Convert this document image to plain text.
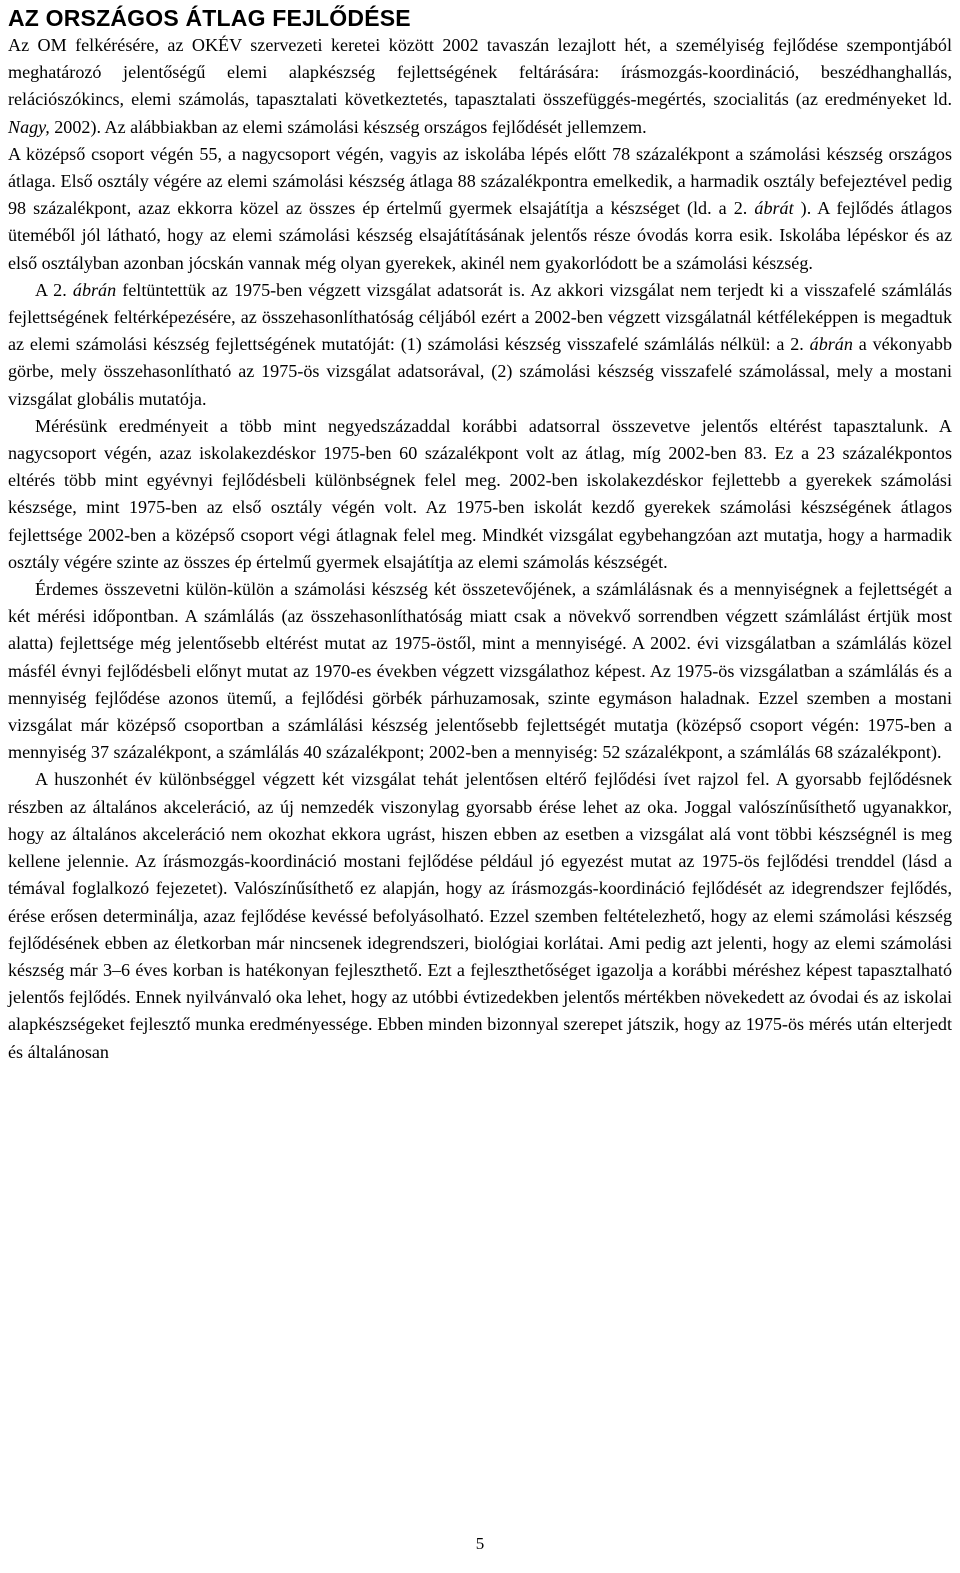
AZ ORSZÁGOS ÁTLAG FEJLŐDÉSE

Az OM felkérésére, az OKÉV szervezeti keretei között 2002 tavaszán lezajlott hét, a személyiség fejlődése szempontjából meghatározó jelentőségű elemi alapkészség fejlettségének feltárására: írásmozgás-koordináció, beszédhanghallás, relációszókincs, elemi számolás, tapasztalati következtetés, tapasztalati összefüggés-megértés, szocialitás (az eredményeket ld.Nagy, 2002). Az alábbiakban az elemi számolási készség országos fejlődését jellemzem.

A középső csoport végén 55, a nagycsoport végén, vagyis az iskolába lépés előtt 78 százalékpont a számolási készség országos átlaga. Első osztály végére az elemi számolási készség átlaga 88 százalékpontra emelkedik, a harmadik osztály befejeztével pedig 98 százalékpont, azaz ekkorra közel az összes ép értelmű gyermek elsajátítja a készséget (ld. a 2. ábrát ). A fejlődés átlagos üteméből jól látható, hogy az elemi számolási készség elsajátításának jelentős része óvodás korra esik. Iskolába lépéskor és az első osztályban azonban jócskán vannak még olyan gyerekek, akinél nem gyakorlódott be a számolási készség.

A 2. ábrán feltüntettük az 1975-ben végzett vizsgálat adatsorát is. Az akkori vizsgálat nem terjedt ki a visszafelé számlálás fejlettségének feltérképezésére, az összehasonlíthatóság céljából ezért a 2002-ben végzett vizsgálatnál kétféleképpen is megadtuk az elemi számolási készség fejlettségének mutatóját: (1) számolási készség visszafelé számlálás nélkül: a 2. ábrán a vékonyabb görbe, mely összehasonlítható az 1975-ös vizsgálat adatsorával, (2) számolási készség visszafelé számolással, mely a mostani vizsgálat globális mutatója.

Mérésünk eredményeit a több mint negyedszázaddal korábbi adatsorral összevetve jelentős eltérést tapasztalunk. A nagycsoport végén, azaz iskolakezdéskor 1975-ben 60 százalékpont volt az átlag, míg 2002-ben 83. Ez a 23 százalékpontos eltérés több mint egyévnyi fejlődésbeli különbségnek felel meg. 2002-ben iskolakezdéskor fejlettebb a gyerekek számolási készsége, mint 1975-ben az első osztály végén volt. Az 1975-ben iskolát kezdő gyerekek számolási készségének átlagos fejlettsége 2002-ben a középső csoport végi átlagnak felel meg. Mindkét vizsgálat egybehangzóan azt mutatja, hogy a harmadik osztály végére szinte az összes ép értelmű gyermek elsajátítja az elemi számolás készségét.

Érdemes összevetni külön-külön a számolási készség két összetevőjének, a számlálásnak és a mennyiségnek a fejlettségét a két mérési időpontban. A számlálás (az összehasonlíthatóság miatt csak a növekvő sorrendben végzett számlálást értjük most alatta) fejlettsége még jelentősebb eltérést mutat az 1975-östől, mint a mennyiségé. A 2002. évi vizsgálatban a számlálás közel másfél évnyi fejlődésbeli előnyt mutat az 1970-es években végzett vizsgálathoz képest. Az 1975-ös vizsgálatban a számlálás és a mennyiség fejlődése azonos ütemű, a fejlődési görbék párhuzamosak, szinte egymáson haladnak. Ezzel szemben a mostani vizsgálat már középső csoportban a számlálási készség jelentősebb fejlettségét mutatja (középső csoport végén: 1975-ben a mennyiség 37 százalékpont, a számlálás 40 százalékpont; 2002-ben a mennyiség: 52 százalékpont, a számlálás 68 százalékpont).

A huszonhét év különbséggel végzett két vizsgálat tehát jelentősen eltérő fejlődési ívet rajzol fel. A gyorsabb fejlődésnek részben az általános akceleráció, az új nemzedék viszonylag gyorsabb érése lehet az oka. Joggal valószínűsíthető ugyanakkor, hogy az általános akceleráció nem okozhat ekkora ugrást, hiszen ebben az esetben a vizsgálat alá vont többi készségnél is meg kellene jelennie. Az írásmozgás-koordináció mostani fejlődése például jó egyezést mutat az 1975-ös fejlődési trenddel (lásd a témával foglalkozó fejezetet). Valószínűsíthető ez alapján, hogy az írásmozgás-koordináció fejlődését az idegrendszer fejlődés, érése erősen determinálja, azaz fejlődése kevéssé befolyásolható. Ezzel szemben feltételezhető, hogy az elemi számolási készség fejlődésének ebben az életkorban már nincsenek idegrendszeri, biológiai korlátai. Ami pedig azt jelenti, hogy az elemi számolási készség már 3–6 éves korban is hatékonyan fejleszthető. Ezt a fejleszthetőséget igazolja a korábbi méréshez képest tapasztalható jelentős fejlődés. Ennek nyilvánvaló oka lehet, hogy az utóbbi évtizedekben jelentős mértékben növekedett az óvodai és az iskolai alapkészségeket fejlesztő munka eredményessége. Ebben minden bizonnyal szerepet játszik, hogy az 1975-ös mérés után elterjedt és általánosan

5
